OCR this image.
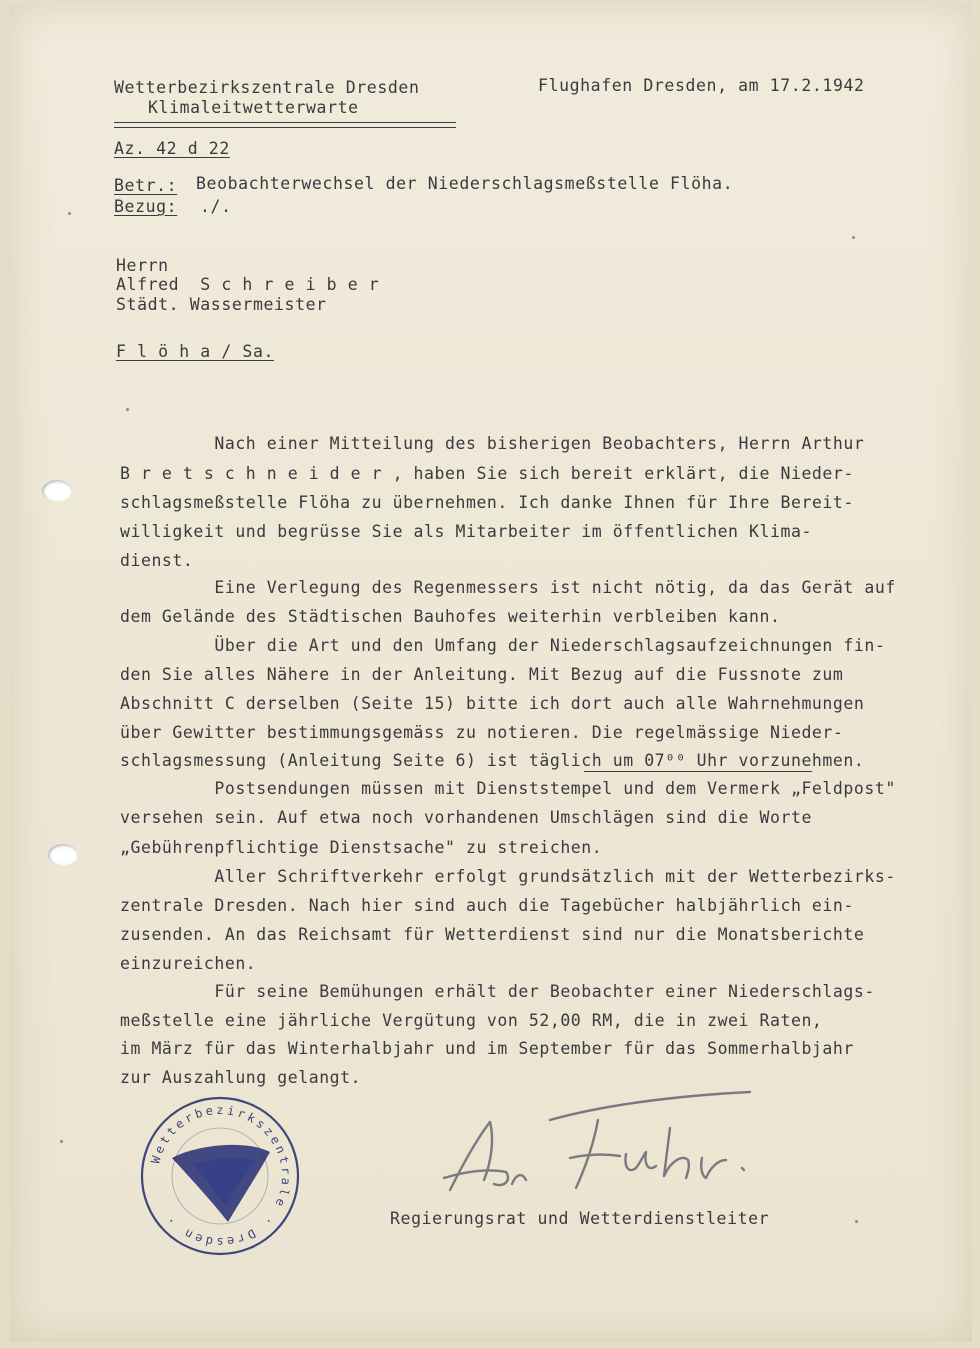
Wetterbezirkszentrale Dresden
Klimaleitwetterwarte
Flughafen Dresden, am 17.2.1942
Az. 42 d 22
Betr.: Beobachterwechsel der Niederschlagsmeßstelle Flöha.
Bezug: ./.
Herrn
Alfred  S c h r e i b e r
Städt. Wassermeister
F l ö h a / Sa.
Nach einer Mitteilung des bisherigen Beobachters, Herrn Arthur
B r e t s c h n e i d e r , haben Sie sich bereit erklärt, die Nieder-
schlagsmeßstelle Flöha zu übernehmen. Ich danke Ihnen für Ihre Bereit-
willigkeit und begrüsse Sie als Mitarbeiter im öffentlichen Klima-
dienst.
Eine Verlegung des Regenmessers ist nicht nötig, da das Gerät auf
dem Gelände des Städtischen Bauhofes weiterhin verbleiben kann.
Über die Art und den Umfang der Niederschlagsaufzeichnungen fin-
den Sie alles Nähere in der Anleitung. Mit Bezug auf die Fussnote zum
Abschnitt C derselben (Seite 15) bitte ich dort auch alle Wahrnehmungen
über Gewitter bestimmungsgemäss zu notieren. Die regelmässige Nieder-
schlagsmessung (Anleitung Seite 6) ist täglich um 07⁰⁰ Uhr vorzunehmen.
Postsendungen müssen mit Dienststempel und dem Vermerk „Feldpost"
versehen sein. Auf etwa noch vorhandenen Umschlägen sind die Worte
„Gebührenpflichtige Dienstsache" zu streichen.
Aller Schriftverkehr erfolgt grundsätzlich mit der Wetterbezirks-
zentrale Dresden. Nach hier sind auch die Tagebücher halbjährlich ein-
zusenden. An das Reichsamt für Wetterdienst sind nur die Monatsberichte
einzureichen.
Für seine Bemühungen erhält der Beobachter einer Niederschlags-
meßstelle eine jährliche Vergütung von 52,00 RM, die in zwei Raten,
im März für das Winterhalbjahr und im September für das Sommerhalbjahr
zur Auszahlung gelangt.
Wetterbezirkszentrale · Dresden ·	Regierungsrat und Wetterdienstleiter
